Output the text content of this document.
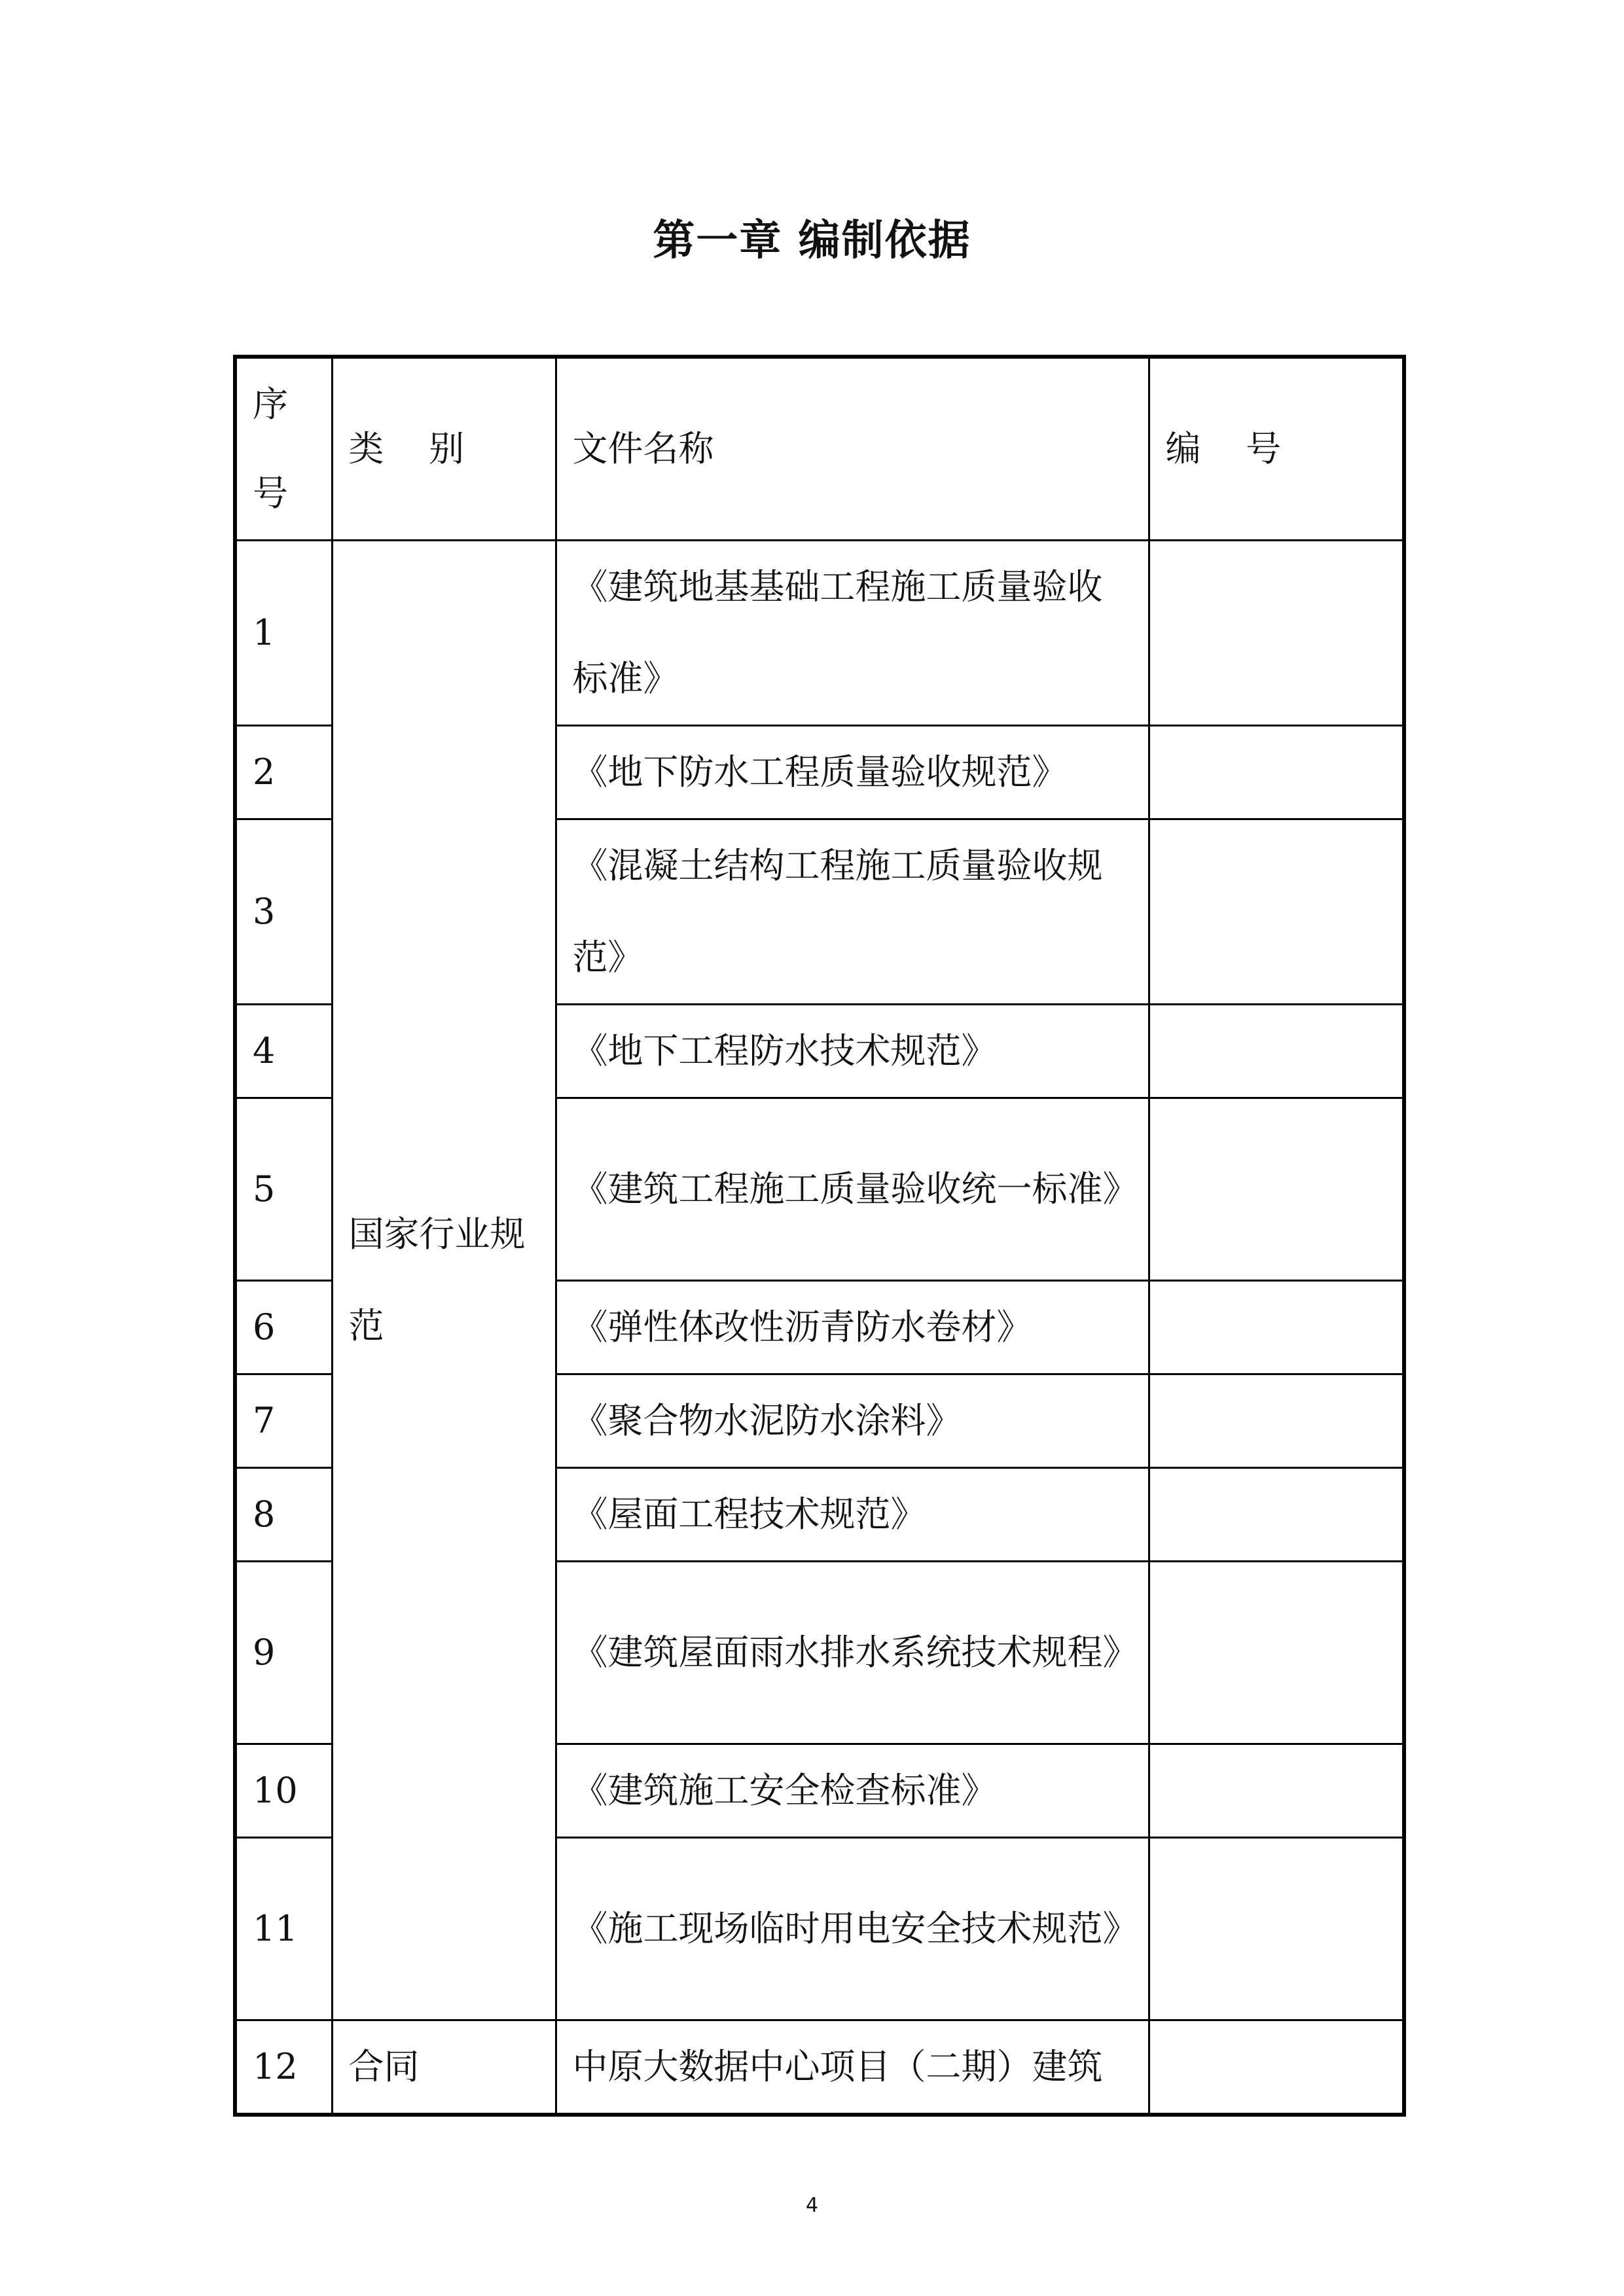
第一章 编制依据
序号	类    别	文件名称	编    号
1	国家行业规范	《建筑地基基础工程施工质量验收标准》	
2		《地下防水工程质量验收规范》	
3		《混凝土结构工程施工质量验收规范》	
4		《地下工程防水技术规范》	
5		《建筑工程施工质量验收统一标准》	
6		《弹性体改性沥青防水卷材》	
7		《聚合物水泥防水涂料》	
8		《屋面工程技术规范》	
9		《建筑屋面雨水排水系统技术规程》	
10		《建筑施工安全检查标准》	
11		《施工现场临时用电安全技术规范》	
12	合同	中原大数据中心项目（二期）建筑	
4
